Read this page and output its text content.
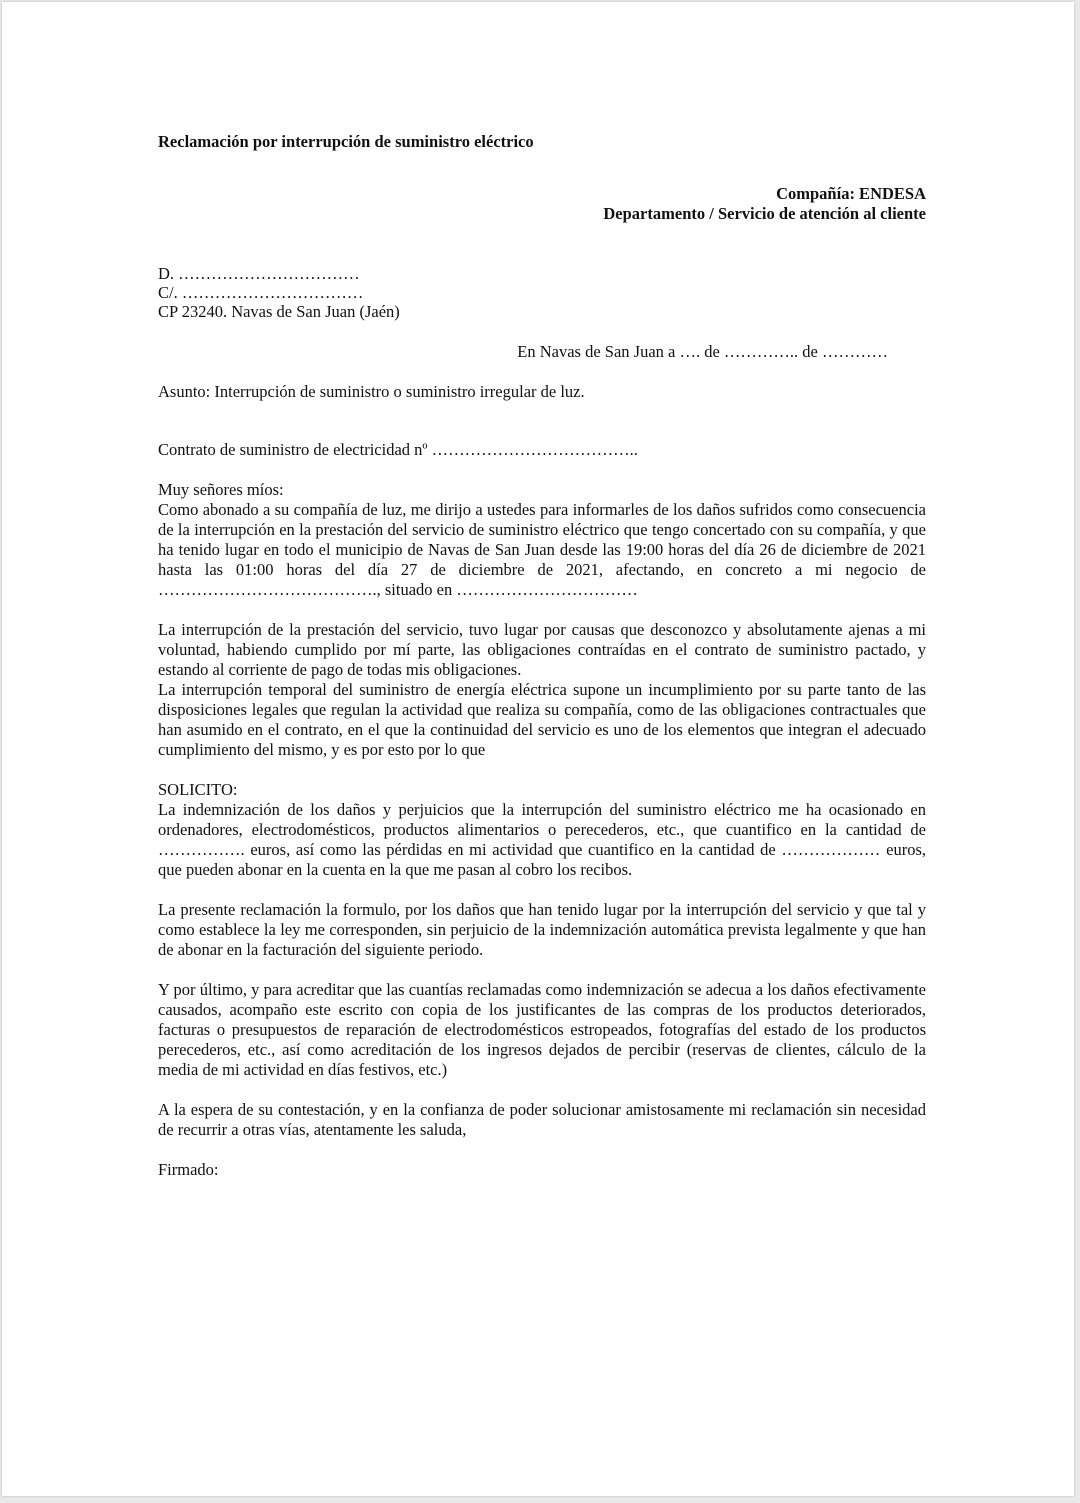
Reclamación por interrupción de suministro eléctrico
Compañía: ENDESA
Departamento / Servicio de atención al cliente
D. ……………………………
C/. ……………………………
CP 23240. Navas de San Juan (Jaén)
En Navas de San Juan a …. de ………….. de …………
Asunto: Interrupción de suministro o suministro irregular de luz.
Contrato de suministro de electricidad nº ………………………………..
Muy señores míos:

Como abonado a su compañía de luz, me dirijo a ustedes para informarles de los daños sufridos como consecuencia de la interrupción en la prestación del servicio de suministro eléctrico que tengo concertado con su compañía, y que ha tenido lugar en todo el municipio de Navas de San Juan desde las 19:00 horas del día 26 de diciembre de 2021 hasta las 01:00 horas del día 27 de diciembre de 2021, afectando, en concreto a mi negocio de …………………………………., situado en ……………………………

La interrupción de la prestación del servicio, tuvo lugar por causas que desconozco y absolutamente ajenas a mi voluntad, habiendo cumplido por mí parte, las obligaciones contraídas en el contrato de suministro pactado, y estando al corriente de pago de todas mis obligaciones.

La interrupción temporal del suministro de energía eléctrica supone un incumplimiento por su parte tanto de las disposiciones legales que regulan la actividad que realiza su compañía, como de las obligaciones contractuales que han asumido en el contrato, en el que la continuidad del servicio es uno de los elementos que integran el adecuado cumplimiento del mismo, y es por esto por lo que

SOLICITO:

La indemnización de los daños y perjuicios que la interrupción del suministro eléctrico me ha ocasionado en ordenadores, electrodomésticos, productos alimentarios o perecederos, etc., que cuantifico en la cantidad de ……………. euros, así como las pérdidas en mi actividad que cuantifico en la cantidad de ……………… euros, que pueden abonar en la cuenta en la que me pasan al cobro los recibos.

La presente reclamación la formulo, por los daños que han tenido lugar por la interrupción del servicio y que tal y como establece la ley me corresponden, sin perjuicio de la indemnización automática prevista legalmente y que han de abonar en la facturación del siguiente periodo.

Y por último, y para acreditar que las cuantías reclamadas como indemnización se adecua a los daños efectivamente causados, acompaño este escrito con copia de los justificantes de las compras de los productos deteriorados, facturas o presupuestos de reparación de electrodomésticos estropeados, fotografías del estado de los productos perecederos, etc., así como acreditación de los ingresos dejados de percibir (reservas de clientes, cálculo de la media de mi actividad en días festivos, etc.)

A la espera de su contestación, y en la confianza de poder solucionar amistosamente mi reclamación sin necesidad de recurrir a otras vías, atentamente les saluda,

Firmado:
